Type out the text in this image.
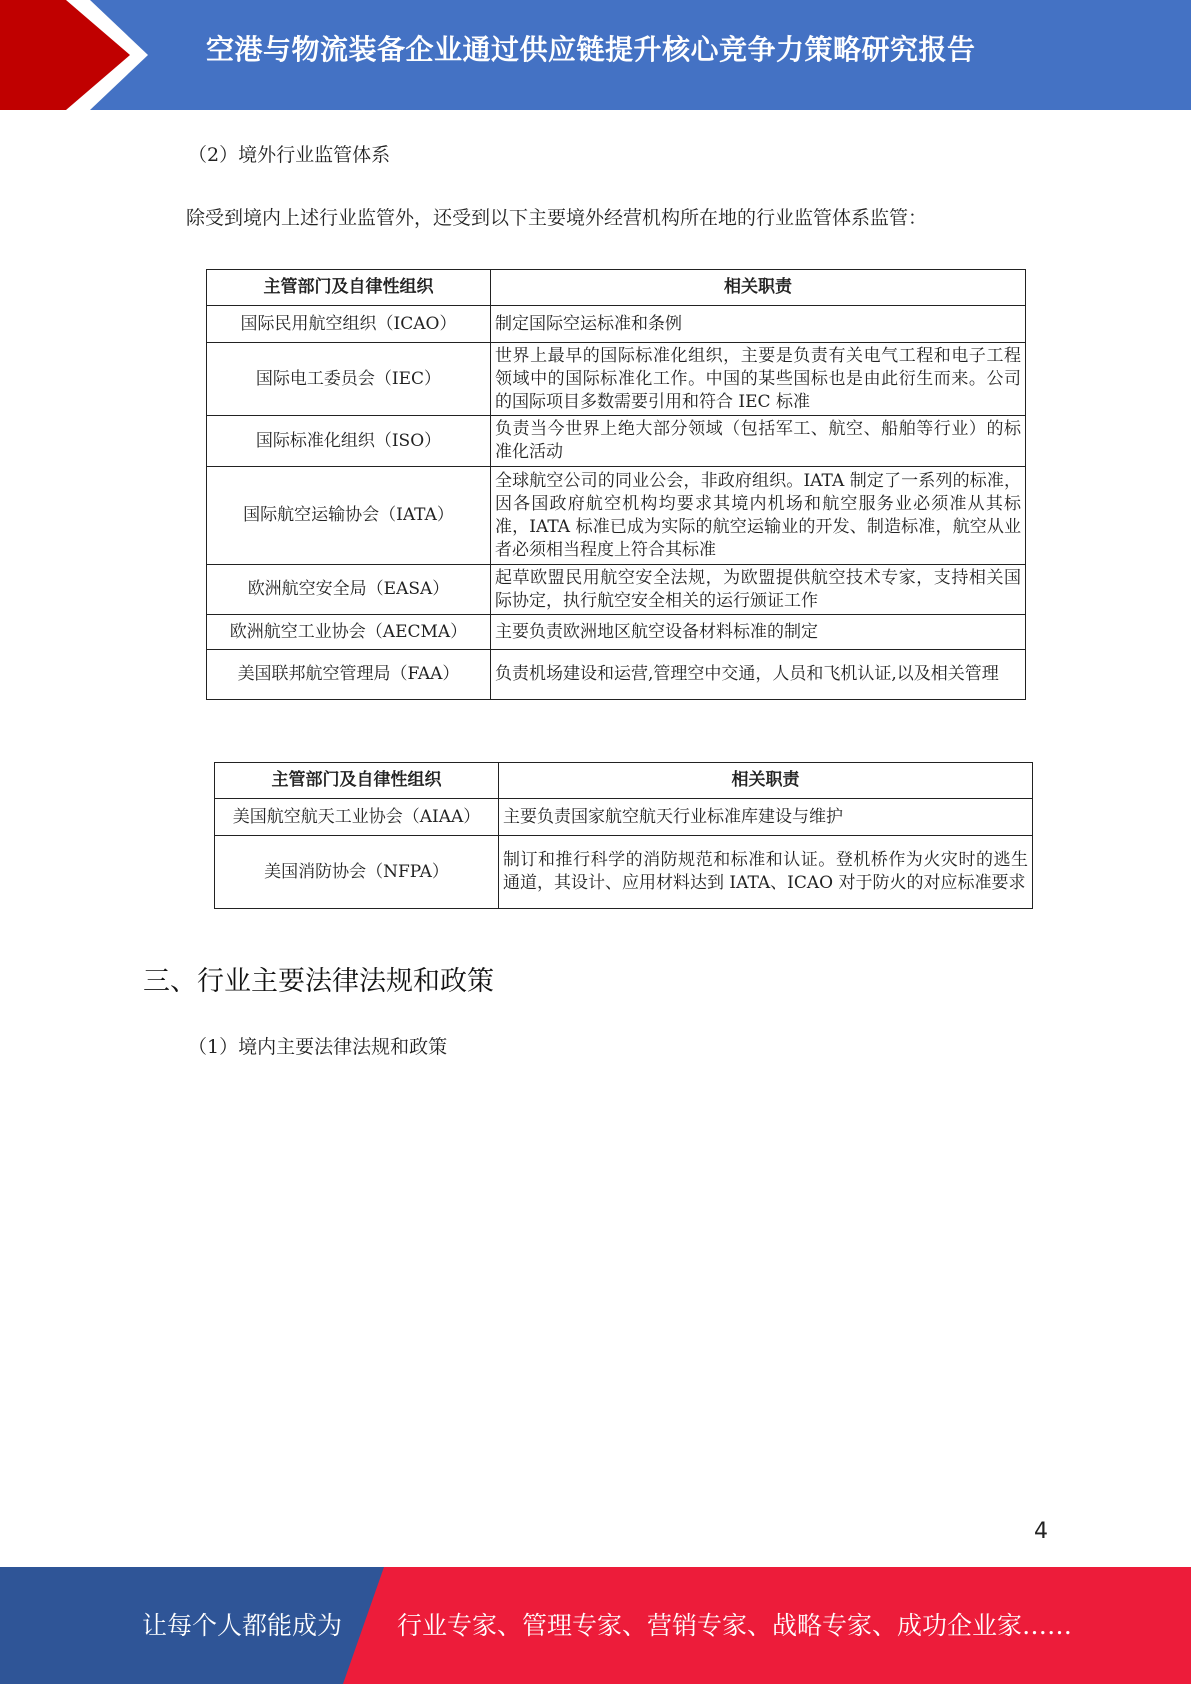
空港与物流装备企业通过供应链提升核心竞争力策略研究报告
（2）境外行业监管体系
除受到境内上述行业监管外，还受到以下主要境外经营机构所在地的行业监管体系监管：
主管部门及自律性组织	相关职责
国际民用航空组织（ICAO）	制定国际空运标准和条例
国际电工委员会（IEC）	世界上最早的国际标准化组织，主要是负责有关电气工程和电子工程领域中的国际标准化工作。中国的某些国标也是由此衍生而来。公司的国际项目多数需要引用和符合 IEC 标准
国际标准化组织（ISO）	负责当今世界上绝大部分领域（包括军工、航空、船舶等行业）的标准化活动
国际航空运输协会（IATA）	全球航空公司的同业公会，非政府组织。IATA 制定了一系列的标准，因各国政府航空机构均要求其境内机场和航空服务业必须准从其标准，IATA 标准已成为实际的航空运输业的开发、制造标准，航空从业者必须相当程度上符合其标准
欧洲航空安全局（EASA）	起草欧盟民用航空安全法规，为欧盟提供航空技术专家，支持相关国际协定，执行航空安全相关的运行颁证工作
欧洲航空工业协会（AECMA）	主要负责欧洲地区航空设备材料标准的制定
美国联邦航空管理局（FAA）	负责机场建设和运营,管理空中交通，人员和飞机认证,以及相关管理
主管部门及自律性组织	相关职责
美国航空航天工业协会（AIAA）	主要负责国家航空航天行业标准库建设与维护
美国消防协会（NFPA）	制订和推行科学的消防规范和标准和认证。登机桥作为火灾时的逃生通道，其设计、应用材料达到 IATA、ICAO 对于防火的对应标准要求
三、行业主要法律法规和政策
（1）境内主要法律法规和政策
4
让每个人都能成为 行业专家、管理专家、营销专家、战略专家、成功企业家……
